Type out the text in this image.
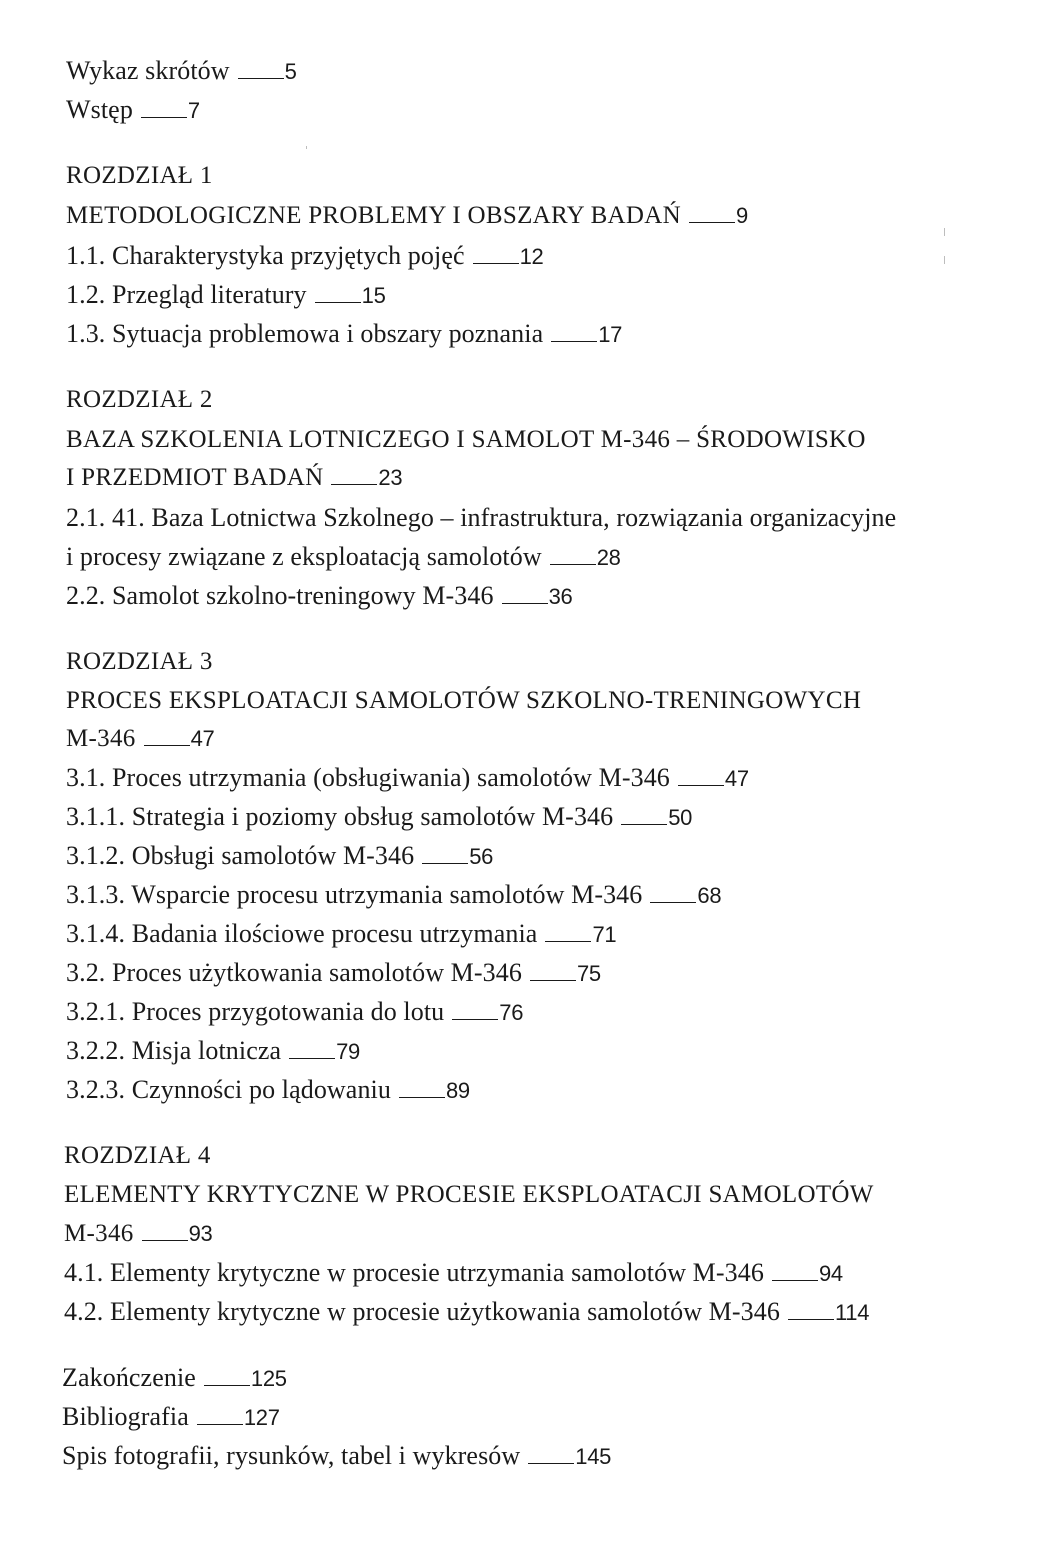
Wykaz skrótów	5
Wstęp	7
ROZDZIAŁ 1
METODOLOGICZNE PROBLEMY I OBSZARY BADAŃ	9
1.1. Charakterystyka przyjętych pojęć	12
1.2. Przegląd literatury	15
1.3. Sytuacja problemowa i obszary poznania	17
ROZDZIAŁ 2
BAZA SZKOLENIA LOTNICZEGO I SAMOLOT M-346 – ŚRODOWISKO
I PRZEDMIOT BADAŃ	23
2.1. 41. Baza Lotnictwa Szkolnego – infrastruktura, rozwiązania organizacyjne
i procesy związane z eksploatacją samolotów	28
2.2. Samolot szkolno-treningowy M-346	36
ROZDZIAŁ 3
PROCES EKSPLOATACJI SAMOLOTÓW SZKOLNO-TRENINGOWYCH
M-346	47
3.1. Proces utrzymania (obsługiwania) samolotów M-346	47
3.1.1. Strategia i poziomy obsług samolotów M-346	50
3.1.2. Obsługi samolotów M-346	56
3.1.3. Wsparcie procesu utrzymania samolotów M-346	68
3.1.4. Badania ilościowe procesu utrzymania	71
3.2. Proces użytkowania samolotów M-346	75
3.2.1. Proces przygotowania do lotu	76
3.2.2. Misja lotnicza	79
3.2.3. Czynności po lądowaniu	89
ROZDZIAŁ 4
ELEMENTY KRYTYCZNE W PROCESIE EKSPLOATACJI SAMOLOTÓW
M-346	93
4.1. Elementy krytyczne w procesie utrzymania samolotów M-346	94
4.2. Elementy krytyczne w procesie użytkowania samolotów M-346	114
Zakończenie	125
Bibliografia	127
Spis fotografii, rysunków, tabel i wykresów	145
